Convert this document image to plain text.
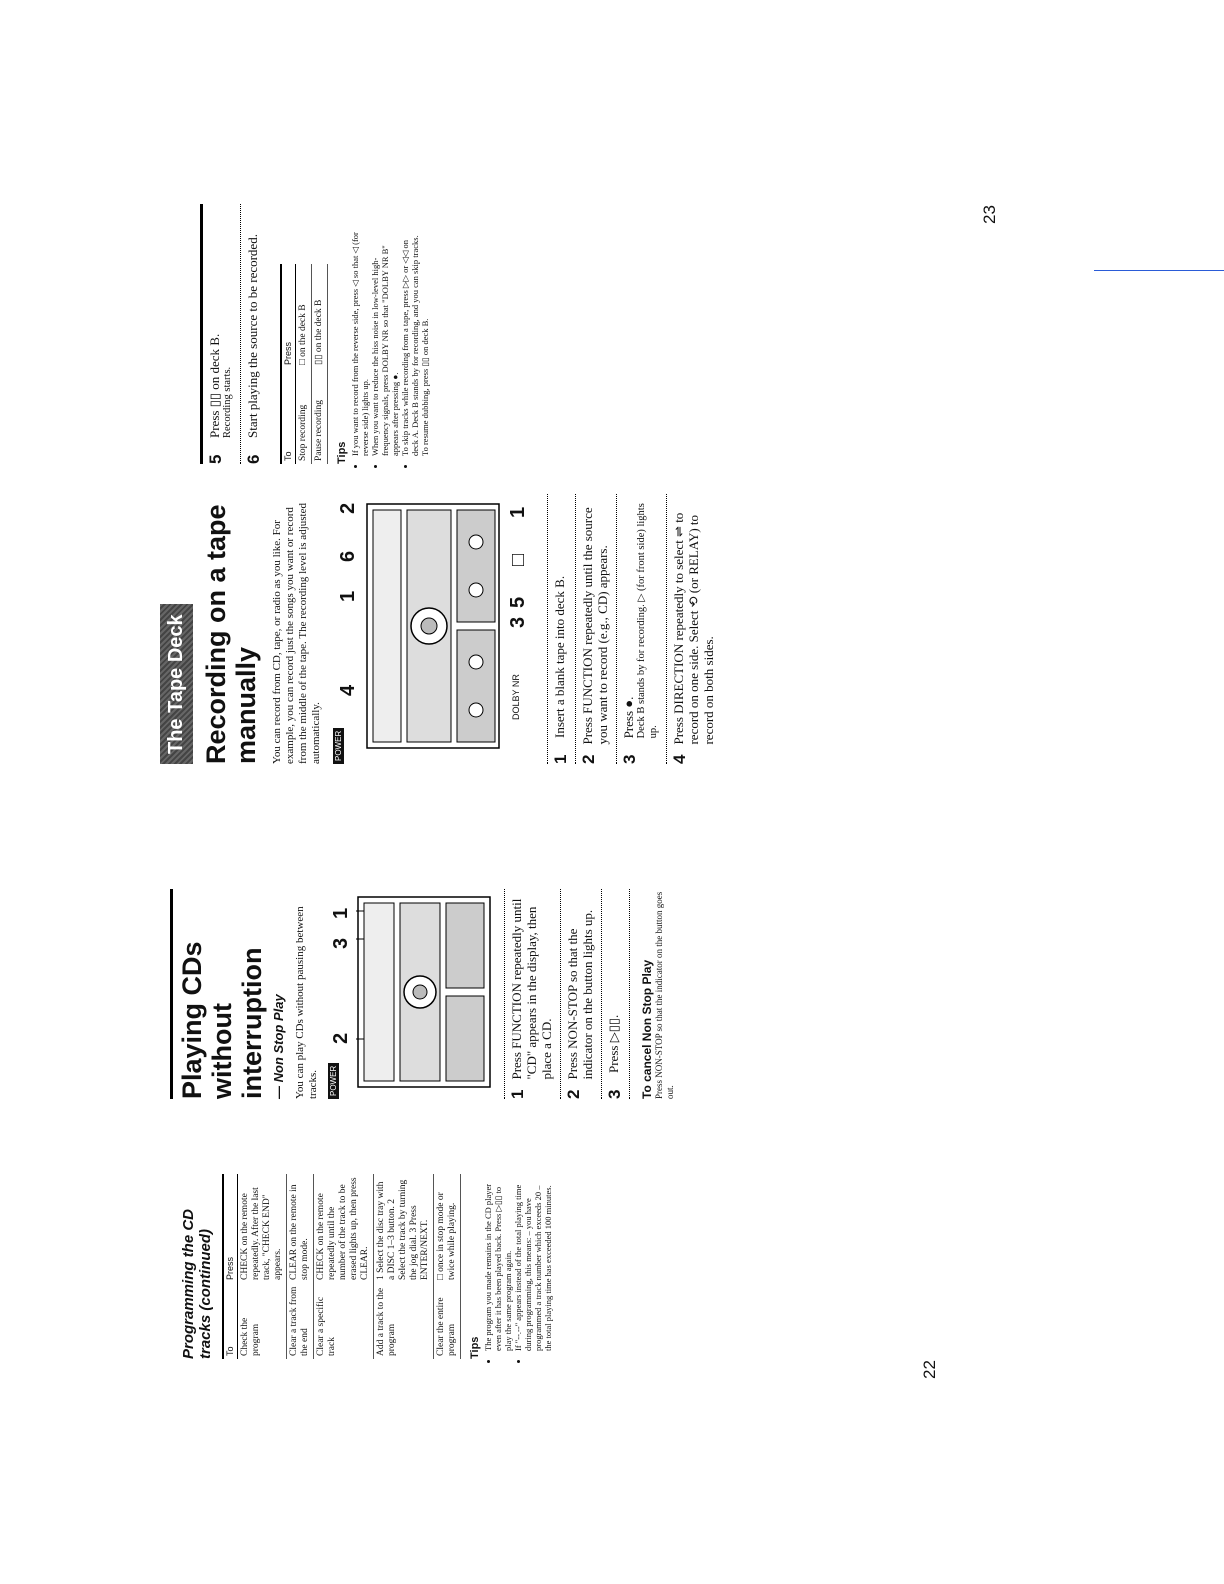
Programming the CD tracks (continued) To	Press
Check the program	CHECK on the remote repeatedly. After the last track, "CHECK END" appears.
Clear a track from the end	CLEAR on the remote in stop mode.
Clear a specific track	CHECK on the remote repeatedly until the number of the track to be erased lights up, then press CLEAR.
Add a track to the program	1 Select the disc tray with a DISC 1–3 button. 2 Select the track by turning the jog dial. 3 Press ENTER/NEXT.
Clear the entire program	□ once in stop mode or twice while playing.
Tips • The program you made remains in the CD player even after it has been played back. Press ▷▯▯ to play the same program again. • If "--.--" appears instead of the total playing time during programming, this means: – you have programmed a track number which exceeds 20 – the total playing time has exceeded 100 minutes.
Playing CDs without interruption — Non Stop Play You can play CDs without pausing between tracks. POWER
2
3
1
1
Press FUNCTION repeatedly until "CD" appears in the display, then place a CD.
2
Press NON-STOP so that the indicator on the button lights up.
3
Press ▷▯▯. To cancel Non Stop Play Press NON-STOP so that the indicator on the button goes out.
22
The Tape Deck Recording on a tape manually You can record from CD, tape, or radio as you like. For example, you can record just the songs you want or record from the middle of the tape. The recording level is adjusted automatically. POWER
4
1
6
2
DOLBY NR
3
5
□
1
1
Insert a blank tape into deck B.
2
Press FUNCTION repeatedly until the source you want to record (e.g., CD) appears.
3
Press ●. Deck B stands by for recording. ▷ (for front side) lights up.
4
Press DIRECTION repeatedly to select ⇌ to record on one side. Select ⟲ (or RELAY) to record on both sides.
5
Press ▯▯ on deck B. Recording starts.
6
Start playing the source to be recorded.
To	Press
Stop recording	□ on the deck B
Pause recording	▯▯ on the deck B
Tips • If you want to record from the reverse side, press ◁ so that ◁ (for reverse side) lights up. • When you want to reduce the hiss noise in low-level high-frequency signals, press DOLBY NR so that "DOLBY NR B" appears after pressing ●. • To skip tracks while recording from a tape, press ▷▷ or ◁◁ on deck A. Deck B stands by for recording, and you can skip tracks. To resume dubbing, press ▯▯ on deck B.
23
